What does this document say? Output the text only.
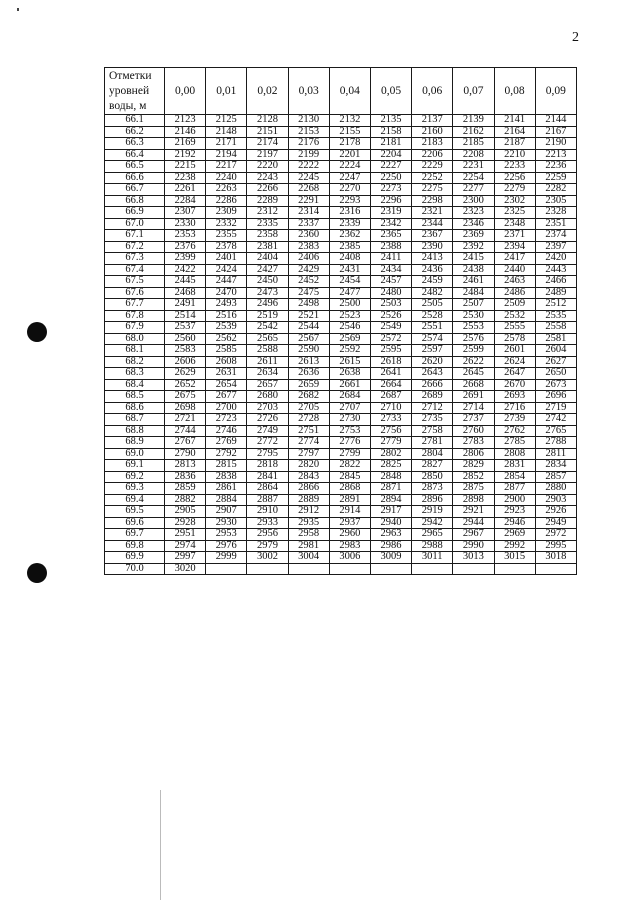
2
Отметки уровней воды, м	0,00	0,01	0,02	0,03	0,04	0,05	0,06	0,07	0,08	0,09
66.1	2123	2125	2128	2130	2132	2135	2137	2139	2141	2144
66.2	2146	2148	2151	2153	2155	2158	2160	2162	2164	2167
66.3	2169	2171	2174	2176	2178	2181	2183	2185	2187	2190
66.4	2192	2194	2197	2199	2201	2204	2206	2208	2210	2213
66.5	2215	2217	2220	2222	2224	2227	2229	2231	2233	2236
66.6	2238	2240	2243	2245	2247	2250	2252	2254	2256	2259
66.7	2261	2263	2266	2268	2270	2273	2275	2277	2279	2282
66.8	2284	2286	2289	2291	2293	2296	2298	2300	2302	2305
66.9	2307	2309	2312	2314	2316	2319	2321	2323	2325	2328
67.0	2330	2332	2335	2337	2339	2342	2344	2346	2348	2351
67.1	2353	2355	2358	2360	2362	2365	2367	2369	2371	2374
67.2	2376	2378	2381	2383	2385	2388	2390	2392	2394	2397
67.3	2399	2401	2404	2406	2408	2411	2413	2415	2417	2420
67.4	2422	2424	2427	2429	2431	2434	2436	2438	2440	2443
67.5	2445	2447	2450	2452	2454	2457	2459	2461	2463	2466
67.6	2468	2470	2473	2475	2477	2480	2482	2484	2486	2489
67.7	2491	2493	2496	2498	2500	2503	2505	2507	2509	2512
67.8	2514	2516	2519	2521	2523	2526	2528	2530	2532	2535
67.9	2537	2539	2542	2544	2546	2549	2551	2553	2555	2558
68.0	2560	2562	2565	2567	2569	2572	2574	2576	2578	2581
68.1	2583	2585	2588	2590	2592	2595	2597	2599	2601	2604
68.2	2606	2608	2611	2613	2615	2618	2620	2622	2624	2627
68.3	2629	2631	2634	2636	2638	2641	2643	2645	2647	2650
68.4	2652	2654	2657	2659	2661	2664	2666	2668	2670	2673
68.5	2675	2677	2680	2682	2684	2687	2689	2691	2693	2696
68.6	2698	2700	2703	2705	2707	2710	2712	2714	2716	2719
68.7	2721	2723	2726	2728	2730	2733	2735	2737	2739	2742
68.8	2744	2746	2749	2751	2753	2756	2758	2760	2762	2765
68.9	2767	2769	2772	2774	2776	2779	2781	2783	2785	2788
69.0	2790	2792	2795	2797	2799	2802	2804	2806	2808	2811
69.1	2813	2815	2818	2820	2822	2825	2827	2829	2831	2834
69.2	2836	2838	2841	2843	2845	2848	2850	2852	2854	2857
69.3	2859	2861	2864	2866	2868	2871	2873	2875	2877	2880
69.4	2882	2884	2887	2889	2891	2894	2896	2898	2900	2903
69.5	2905	2907	2910	2912	2914	2917	2919	2921	2923	2926
69.6	2928	2930	2933	2935	2937	2940	2942	2944	2946	2949
69.7	2951	2953	2956	2958	2960	2963	2965	2967	2969	2972
69.8	2974	2976	2979	2981	2983	2986	2988	2990	2992	2995
69.9	2997	2999	3002	3004	3006	3009	3011	3013	3015	3018
70.0	3020									
